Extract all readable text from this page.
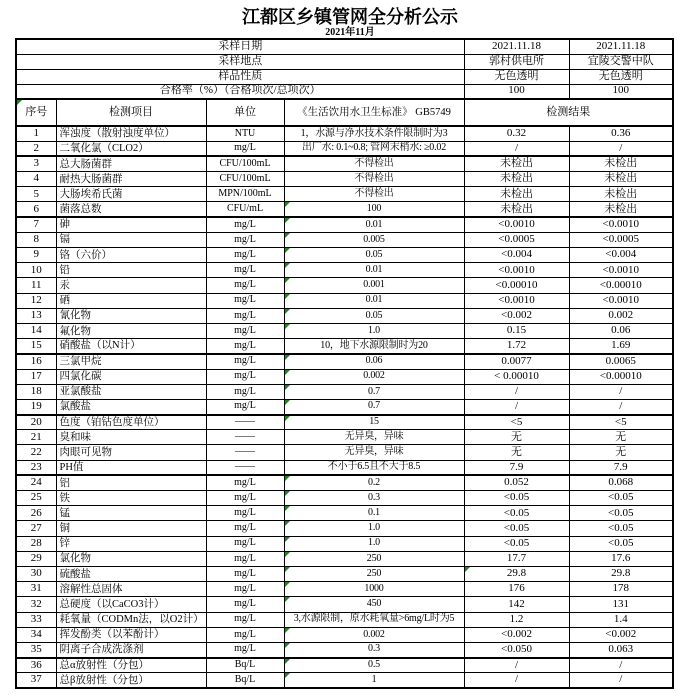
江都区乡镇管网全分析公示
2021年11月
采样日期				2021.11.18	2021.11.18
采样地点				郭村供电所	宜陵交警中队
样品性质				无色透明	无色透明
合格率（%）（合格项次/总项次）				100	100

序号	检测项目	单位	《生活饮用水卫生标准》 GB5749	检测结果	
1	浑浊度（散射浊度单位）	NTU	1，水源与净水技术条件限制时为3	0.32	0.36
2	二氧化氯（CLO2）	mg/L	出厂水: 0.1~0.8; 管网末梢水: ≥0.02	/	/
3	总大肠菌群	CFU/100mL	不得检出	未检出	未检出
4	耐热大肠菌群	CFU/100mL	不得检出	未检出	未检出
5	大肠埃希氏菌	MPN/100mL	不得检出	未检出	未检出
6	菌落总数	CFU/mL	100	未检出	未检出
7	砷	mg/L	0.01	<0.0010	<0.0010
8	镉	mg/L	0.005	<0.0005	<0.0005
9	铬（六价）	mg/L	0.05	<0.004	<0.004
10	铅	mg/L	0.01	<0.0010	<0.0010
11	汞	mg/L	0.001	<0.00010	<0.00010
12	硒	mg/L	0.01	<0.0010	<0.0010
13	氰化物	mg/L	0.05	<0.002	0.002
14	氟化物	mg/L	1.0	0.15	0.06
15	硝酸盐（以N计）	mg/L	10，地下水源限制时为20	1.72	1.69
16	三氯甲烷	mg/L	0.06	0.0077	0.0065
17	四氯化碳	mg/L	0.002	< 0.00010	<0.00010
18	亚氯酸盐	mg/L	0.7	/	/
19	氯酸盐	mg/L	0.7	/	/
20	色度（铂钴色度单位）	——	15	<5	<5
21	臭和味	——	无异臭，异味	无	无
22	肉眼可见物	——	无异臭，异味	无	无
23	PH值	——	不小于6.5且不大于8.5	7.9	7.9
24	铝	mg/L	0.2	0.052	0.068
25	铁	mg/L	0.3	<0.05	<0.05
26	锰	mg/L	0.1	<0.05	<0.05
27	铜	mg/L	1.0	<0.05	<0.05
28	锌	mg/L	1.0	<0.05	<0.05
29	氯化物	mg/L	250	17.7	17.6
30	硫酸盐	mg/L	250	29.8	29.8
31	溶解性总固体	mg/L	1000	176	178
32	总硬度（以CaCO3计）	mg/L	450	142	131
33	耗氧量（CODMn法，以O2计）	mg/L	3,水源限制，原水耗氧量>6mg/L时为5	1.2	1.4
34	挥发酚类（以苯酚计）	mg/L	0.002	<0.002	<0.002
35	阴离子合成洗涤剂	mg/L	0.3	<0.050	0.063
36	总α放射性（分包）	Bq/L	0.5	/	/
37	总β放射性（分包）	Bq/L	1	/	/
